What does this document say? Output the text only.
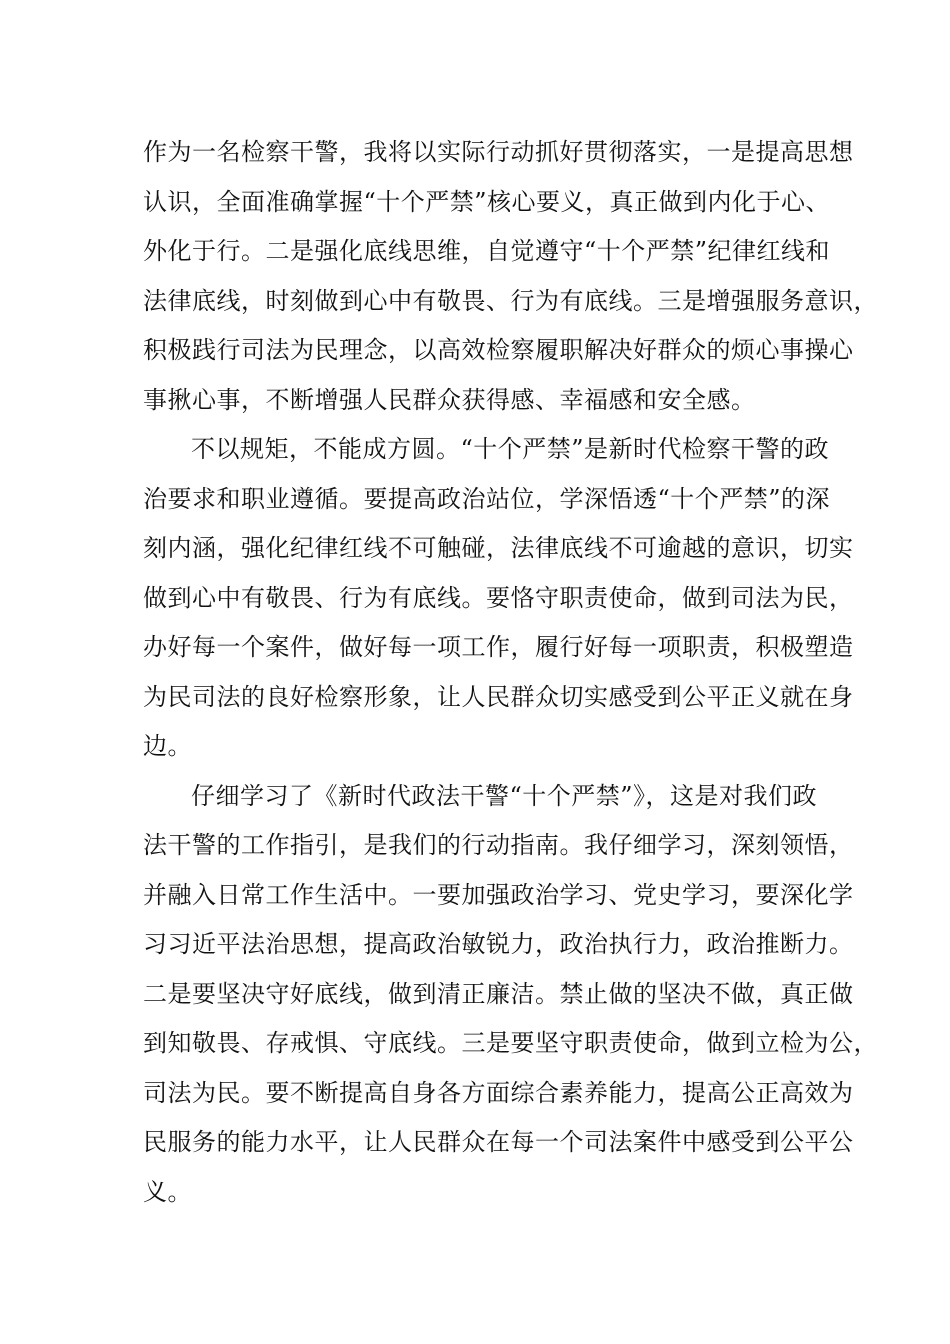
作为一名检察干警，我将以实际行动抓好贯彻落实，一是提高思想
认识，全面准确掌握“十个严禁”核心要义，真正做到内化于心、
外化于行。二是强化底线思维，自觉遵守“十个严禁”纪律红线和
法律底线，时刻做到心中有敬畏、行为有底线。三是增强服务意识，
积极践行司法为民理念，以高效检察履职解决好群众的烦心事操心
事揪心事，不断增强人民群众获得感、幸福感和安全感。
不以规矩，不能成方圆。“十个严禁”是新时代检察干警的政
治要求和职业遵循。要提高政治站位，学深悟透“十个严禁”的深
刻内涵，强化纪律红线不可触碰，法律底线不可逾越的意识，切实
做到心中有敬畏、行为有底线。要恪守职责使命，做到司法为民，
办好每一个案件，做好每一项工作，履行好每一项职责，积极塑造
为民司法的良好检察形象，让人民群众切实感受到公平正义就在身
边。
仔细学习了《新时代政法干警“十个严禁”》，这是对我们政
法干警的工作指引，是我们的行动指南。我仔细学习，深刻领悟，
并融入日常工作生活中。一要加强政治学习、党史学习，要深化学
习习近平法治思想，提高政治敏锐力，政治执行力，政治推断力。
二是要坚决守好底线，做到清正廉洁。禁止做的坚决不做，真正做
到知敬畏、存戒惧、守底线。三是要坚守职责使命，做到立检为公，
司法为民。要不断提高自身各方面综合素养能力，提高公正高效为
民服务的能力水平，让人民群众在每一个司法案件中感受到公平公
义。
